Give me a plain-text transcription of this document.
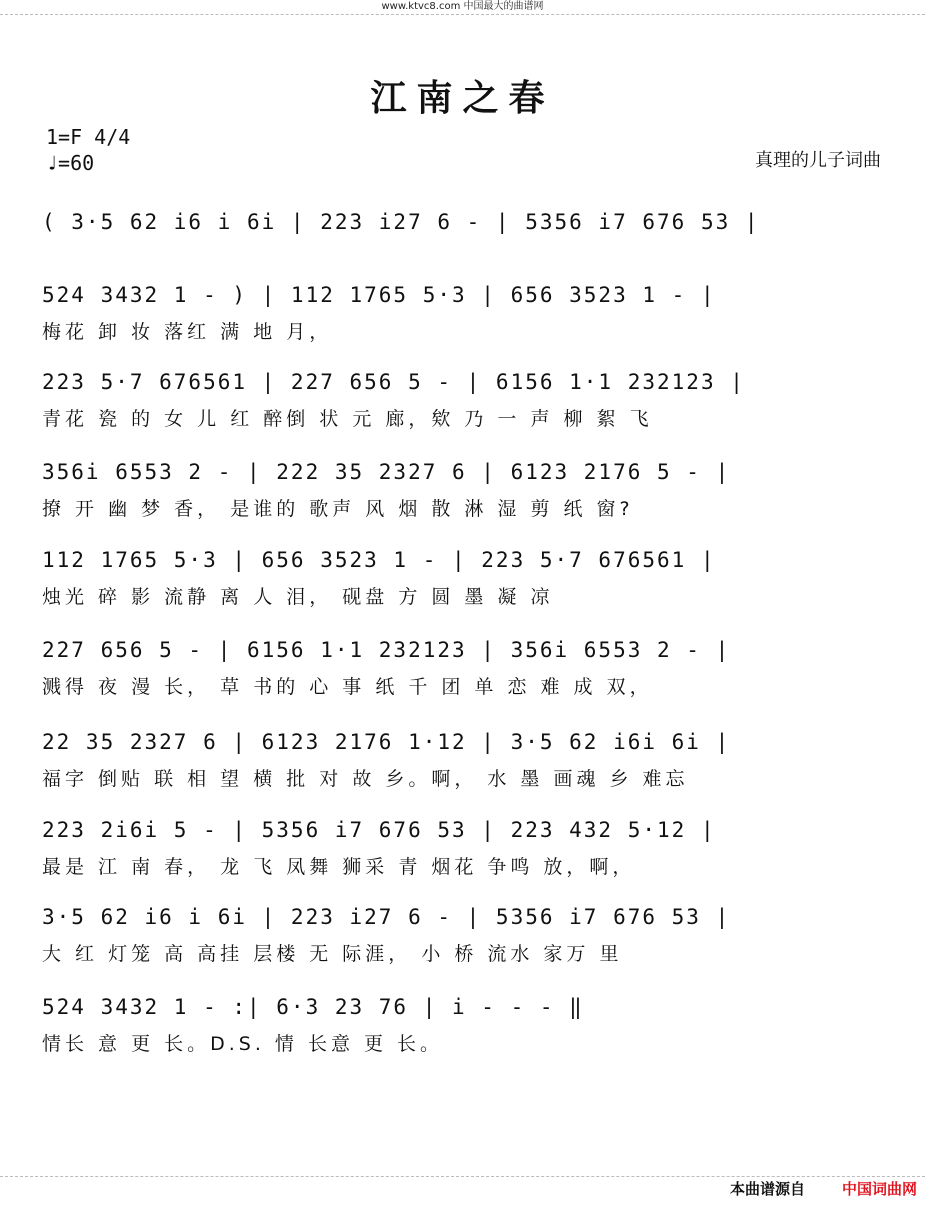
www.ktvc8.com 中国最大的曲谱网
江南之春
1=F 4/4
♩=60	真理的儿子词曲
( 3·5 62 i6 i 6i | 223 i27 6 - | 5356 i7 676 53 |
524 3432 1 - ) | 112 1765 5·3 | 656 3523 1 - |
梅花 卸 妆 落红 满 地 月，
223 5·7 676561 | 227 656 5 - | 6156 1·1 232123 |
青花 瓷 的 女 儿 红 醉倒 状 元 廊，欸 乃 一 声 柳 絮 飞
356i 6553 2 - | 222 35 2327 6 | 6123 2176 5 - |
撩 开 幽 梦 香， 是谁的 歌声 风 烟 散 淋 湿 剪 纸 窗?
112 1765 5·3 | 656 3523 1 - | 223 5·7 676561 |
烛光 碎 影 流静 离 人 泪， 砚盘 方 圆 墨 凝 凉
227 656 5 - | 6156 1·1 232123 | 356i 6553 2 - |
溅得 夜 漫 长， 草 书的 心 事 纸 千 团 单 恋 难 成 双，
22 35 2327 6 | 6123 2176 1·12 | 3·5 62 i6i 6i |
福字 倒贴 联 相 望 横 批 对 故 乡。啊， 水 墨 画魂 乡 难忘
223 2i6i 5 - | 5356 i7 676 53 | 223 432 5·12 |
最是 江 南 春， 龙 飞 凤舞 狮采 青 烟花 争鸣 放，啊，
3·5 62 i6 i 6i | 223 i27 6 - | 5356 i7 676 53 |
大 红 灯笼 高 高挂 层楼 无 际涯， 小 桥 流水 家万 里
524 3432 1 - :| 6·3 23 76 | i - - - ‖
情长 意 更 长。D.S. 情 长意 更 长。
本曲谱源自 中国词曲网
